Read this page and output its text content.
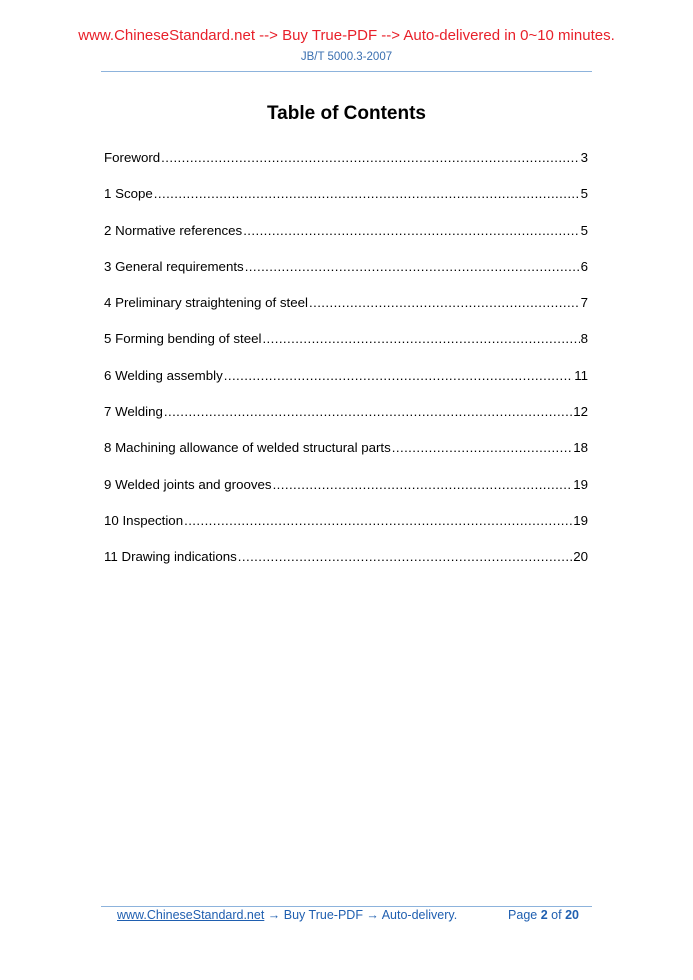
www.ChineseStandard.net --> Buy True-PDF --> Auto-delivered in 0~10 minutes.
JB/T 5000.3-2007
Table of Contents
Foreword .....	3
1 Scope .....	5
2 Normative references .....	5
3 General requirements .....	6
4 Preliminary straightening of steel .....	7
5 Forming bending of steel .....	8
6 Welding assembly .....	11
7 Welding .....	12
8 Machining allowance of welded structural parts .....	18
9 Welded joints and grooves .....	19
10 Inspection .....	19
11 Drawing indications .....	20
www.ChineseStandard.net → Buy True-PDF → Auto-delivery.	Page 2 of 20
